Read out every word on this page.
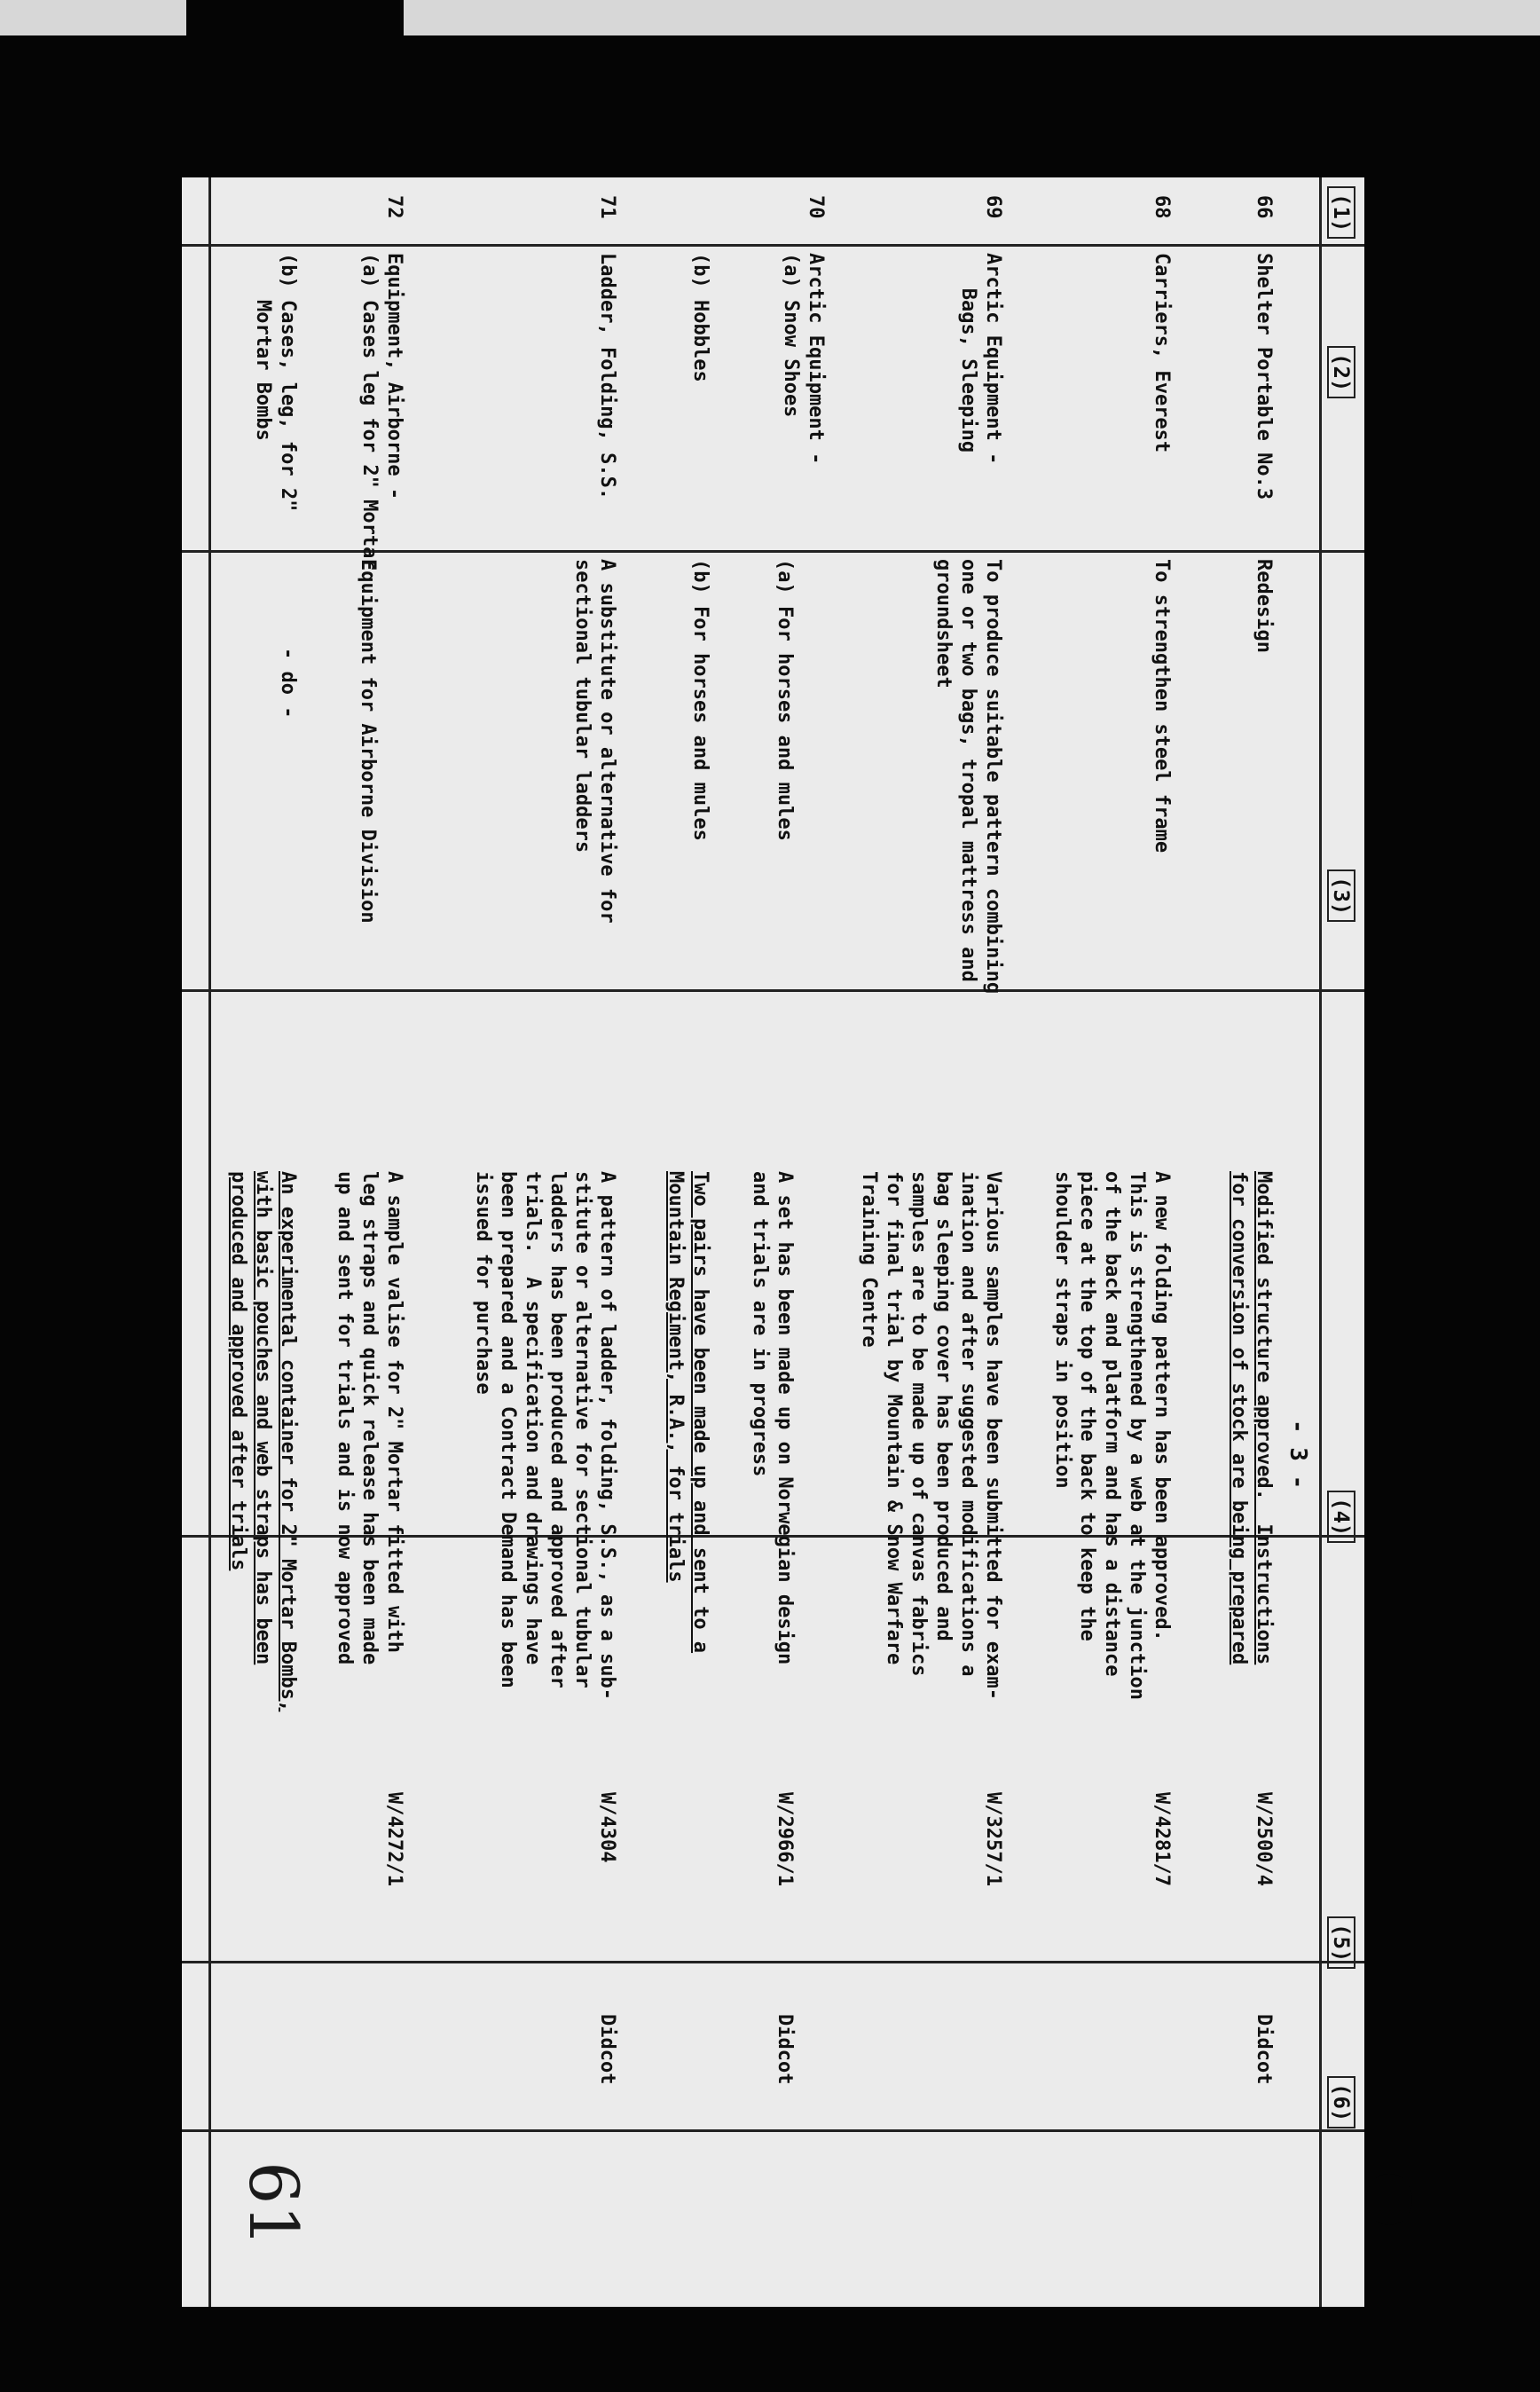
- 3 -
(1)
(2)
(3)
(4)
(5)
(6)
66
Shelter Portable No.3
Redesign
Modified structure approved.  Instructions
for conversion of stock are being prepared
W/2500/4
Didcot
68
Carriers, Everest
To strengthen steel frame
A new folding pattern has been approved.
This is strengthened by a web at the junction
of the back and platform and has a distance
piece at the top of the back to keep the
shoulder straps in position
W/4281/7
69
Arctic Equipment -
Bags, Sleeping
To produce suitable pattern combining
one or two bags, tropal mattress and
groundsheet
Various samples have been submitted for exam-
ination and after suggested modifications a
bag sleeping cover has been produced and
samples are to be made up of canvas fabrics
for final trial by Mountain & Snow Warfare
Training Centre
W/3257/1
70
Arctic Equipment -
(a) Snow Shoes
(a) For horses and mules
A set has been made up on Norwegian design
and trials are in progress
W/2966/1
Didcot
(b) Hobbles
(b) For horses and mules
Two pairs have been made up and sent to a
Mountain Regiment, R.A., for trials
71
Ladder, Folding, S.S.
A substitute or alternative for
sectional tubular ladders
A pattern of ladder, folding, S.S., as a sub-
stitute or alternative for sectional tubular
ladders has been produced and approved after
trials.  A specification and drawings have
been prepared and a Contract Demand has been
issued for purchase
W/4304
Didcot
72
Equipment, Airborne -
(a) Cases leg for 2" Mortar
Equipment for Airborne Division
A sample valise for 2" Mortar fitted with
leg straps and quick release has been made
up and sent for trials and is now approved
W/4272/1
(b) Cases, leg, for 2"
Mortar Bombs
- do -
An experimental container for 2" Mortar Bombs,
with basic pouches and web straps has been
produced and approved after trials
61
